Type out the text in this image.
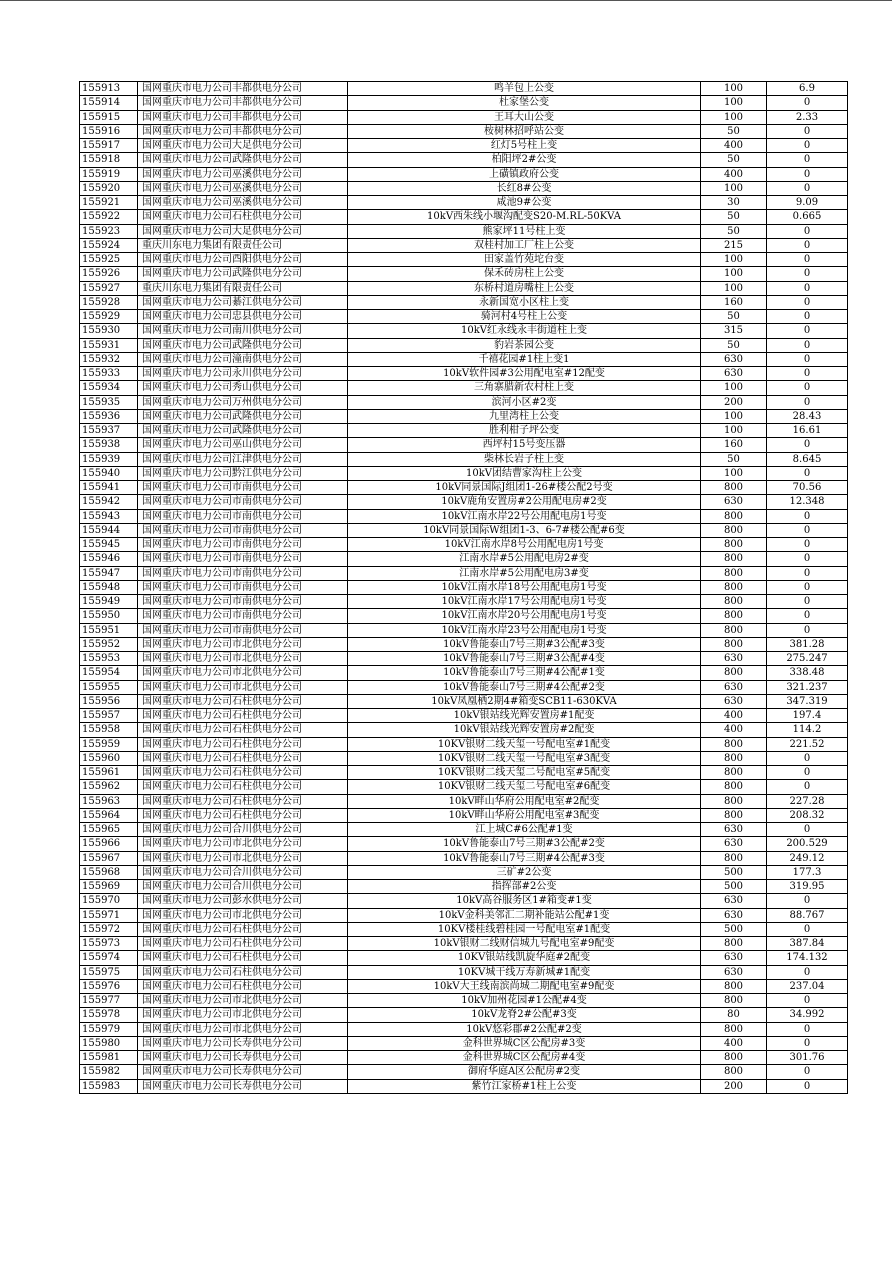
155913	国网重庆市电力公司丰都供电分公司	鸣羊包上公变	100	6.9
155914	国网重庆市电力公司丰都供电分公司	杜家堡公变	100	0
155915	国网重庆市电力公司丰都供电分公司	王耳大山公变	100	2.33
155916	国网重庆市电力公司丰都供电分公司	桉树林招呼站公变	50	0
155917	国网重庆市电力公司大足供电分公司	红灯5号柱上变	400	0
155918	国网重庆市电力公司武隆供电分公司	柏阳坪2#公变	50	0
155919	国网重庆市电力公司巫溪供电分公司	上磺镇政府公变	400	0
155920	国网重庆市电力公司巫溪供电分公司	长红8#公变	100	0
155921	国网重庆市电力公司巫溪供电分公司	咸池9#公变	30	9.09
155922	国网重庆市电力公司石柱供电分公司	10kV西朱线小堰沟配变S20-M.RL-50KVA	50	0.665
155923	国网重庆市电力公司大足供电分公司	熊家坪11号柱上变	50	0
155924	重庆川东电力集团有限责任公司	双桂村加工厂柱上公变	215	0
155925	国网重庆市电力公司酉阳供电分公司	田家盖竹苑坨台变	100	0
155926	国网重庆市电力公司武隆供电分公司	保禾砖房柱上公变	100	0
155927	重庆川东电力集团有限责任公司	东桥村道房嘴柱上公变	100	0
155928	国网重庆市电力公司綦江供电分公司	永新国宽小区柱上变	160	0
155929	国网重庆市电力公司忠县供电分公司	骑河村4号柱上公变	50	0
155930	国网重庆市电力公司南川供电分公司	10kV红永线永丰街道柱上变	315	0
155931	国网重庆市电力公司武隆供电分公司	豹岩茶园公变	50	0
155932	国网重庆市电力公司潼南供电分公司	千禧花园#1柱上变1	630	0
155933	国网重庆市电力公司永川供电分公司	10kV软件园#3公用配电室#12配变	630	0
155934	国网重庆市电力公司秀山供电分公司	三角寨腊新农村柱上变	100	0
155935	国网重庆市电力公司万州供电分公司	滨河小区#2变	200	0
155936	国网重庆市电力公司武隆供电分公司	九里湾柱上公变	100	28.43
155937	国网重庆市电力公司武隆供电分公司	胜利柑子坪公变	100	16.61
155938	国网重庆市电力公司巫山供电分公司	西坪村15号变压器	160	0
155939	国网重庆市电力公司江津供电分公司	柴林长岩子柱上变	50	8.645
155940	国网重庆市电力公司黔江供电分公司	10kV团结曹家沟柱上公变	100	0
155941	国网重庆市电力公司市南供电分公司	10kV同景国际J组团1-26#楼公配2号变	800	70.56
155942	国网重庆市电力公司市南供电分公司	10kV鹿角安置房#2公用配电房#2变	630	12.348
155943	国网重庆市电力公司市南供电分公司	10kV江南水岸22号公用配电房1号变	800	0
155944	国网重庆市电力公司市南供电分公司	10kV同景国际W组团1-3、6-7#楼公配#6变	800	0
155945	国网重庆市电力公司市南供电分公司	10kV江南水岸8号公用配电房1号变	800	0
155946	国网重庆市电力公司市南供电分公司	江南水岸#5公用配电房2#变	800	0
155947	国网重庆市电力公司市南供电分公司	江南水岸#5公用配电房3#变	800	0
155948	国网重庆市电力公司市南供电分公司	10kV江南水岸18号公用配电房1号变	800	0
155949	国网重庆市电力公司市南供电分公司	10kV江南水岸17号公用配电房1号变	800	0
155950	国网重庆市电力公司市南供电分公司	10kV江南水岸20号公用配电房1号变	800	0
155951	国网重庆市电力公司市南供电分公司	10kV江南水岸23号公用配电房1号变	800	0
155952	国网重庆市电力公司市北供电分公司	10kV鲁能泰山7号三期#3公配#3变	800	381.28
155953	国网重庆市电力公司市北供电分公司	10kV鲁能泰山7号三期#3公配#4变	630	275.247
155954	国网重庆市电力公司市北供电分公司	10kV鲁能泰山7号三期#4公配#1变	800	338.48
155955	国网重庆市电力公司市北供电分公司	10kV鲁能泰山7号三期#4公配#2变	630	321.237
155956	国网重庆市电力公司石柱供电分公司	10kV凤凰栖2期4#箱变SCB11-630KVA	630	347.319
155957	国网重庆市电力公司石柱供电分公司	10kV银站线光辉安置房#1配变	400	197.4
155958	国网重庆市电力公司石柱供电分公司	10kV银站线光辉安置房#2配变	400	114.2
155959	国网重庆市电力公司石柱供电分公司	10KV银财二线天玺一号配电室#1配变	800	221.52
155960	国网重庆市电力公司石柱供电分公司	10KV银财二线天玺一号配电室#3配变	800	0
155961	国网重庆市电力公司石柱供电分公司	10KV银财二线天玺二号配电室#5配变	800	0
155962	国网重庆市电力公司石柱供电分公司	10KV银财二线天玺二号配电室#6配变	800	0
155963	国网重庆市电力公司石柱供电分公司	10kV畔山华府公用配电室#2配变	800	227.28
155964	国网重庆市电力公司石柱供电分公司	10kV畔山华府公用配电室#3配变	800	208.32
155965	国网重庆市电力公司合川供电分公司	江上城C#6公配#1变	630	0
155966	国网重庆市电力公司市北供电分公司	10kV鲁能泰山7号三期#3公配#2变	630	200.529
155967	国网重庆市电力公司市北供电分公司	10kV鲁能泰山7号三期#4公配#3变	800	249.12
155968	国网重庆市电力公司合川供电分公司	三矿#2公变	500	177.3
155969	国网重庆市电力公司合川供电分公司	指挥部#2公变	500	319.95
155970	国网重庆市电力公司彭水供电分公司	10kV高谷服务区1#箱变#1变	630	0
155971	国网重庆市电力公司市北供电分公司	10kV金科美邻汇二期补能站公配#1变	630	88.767
155972	国网重庆市电力公司石柱供电分公司	10KV楼桂线碧桂园一号配电室#1配变	500	0
155973	国网重庆市电力公司石柱供电分公司	10kV银财二线财信城九号配电室#9配变	800	387.84
155974	国网重庆市电力公司石柱供电分公司	10KV银站线凯旋华庭#2配变	630	174.132
155975	国网重庆市电力公司石柱供电分公司	10KV城干线万寿新城#1配变	630	0
155976	国网重庆市电力公司石柱供电分公司	10kV大王线南滨尚城二期配电室#9配变	800	237.04
155977	国网重庆市电力公司市北供电分公司	10kV加州花园#1公配#4变	800	0
155978	国网重庆市电力公司市北供电分公司	10kV龙脊2#公配#3变	80	34.992
155979	国网重庆市电力公司市北供电分公司	10kV悠彩郡#2公配#2变	800	0
155980	国网重庆市电力公司长寿供电分公司	金科世界城C区公配房#3变	400	0
155981	国网重庆市电力公司长寿供电分公司	金科世界城C区公配房#4变	800	301.76
155982	国网重庆市电力公司长寿供电分公司	御府华庭A区公配房#2变	800	0
155983	国网重庆市电力公司长寿供电分公司	紫竹江家桥#1柱上公变	200	0
